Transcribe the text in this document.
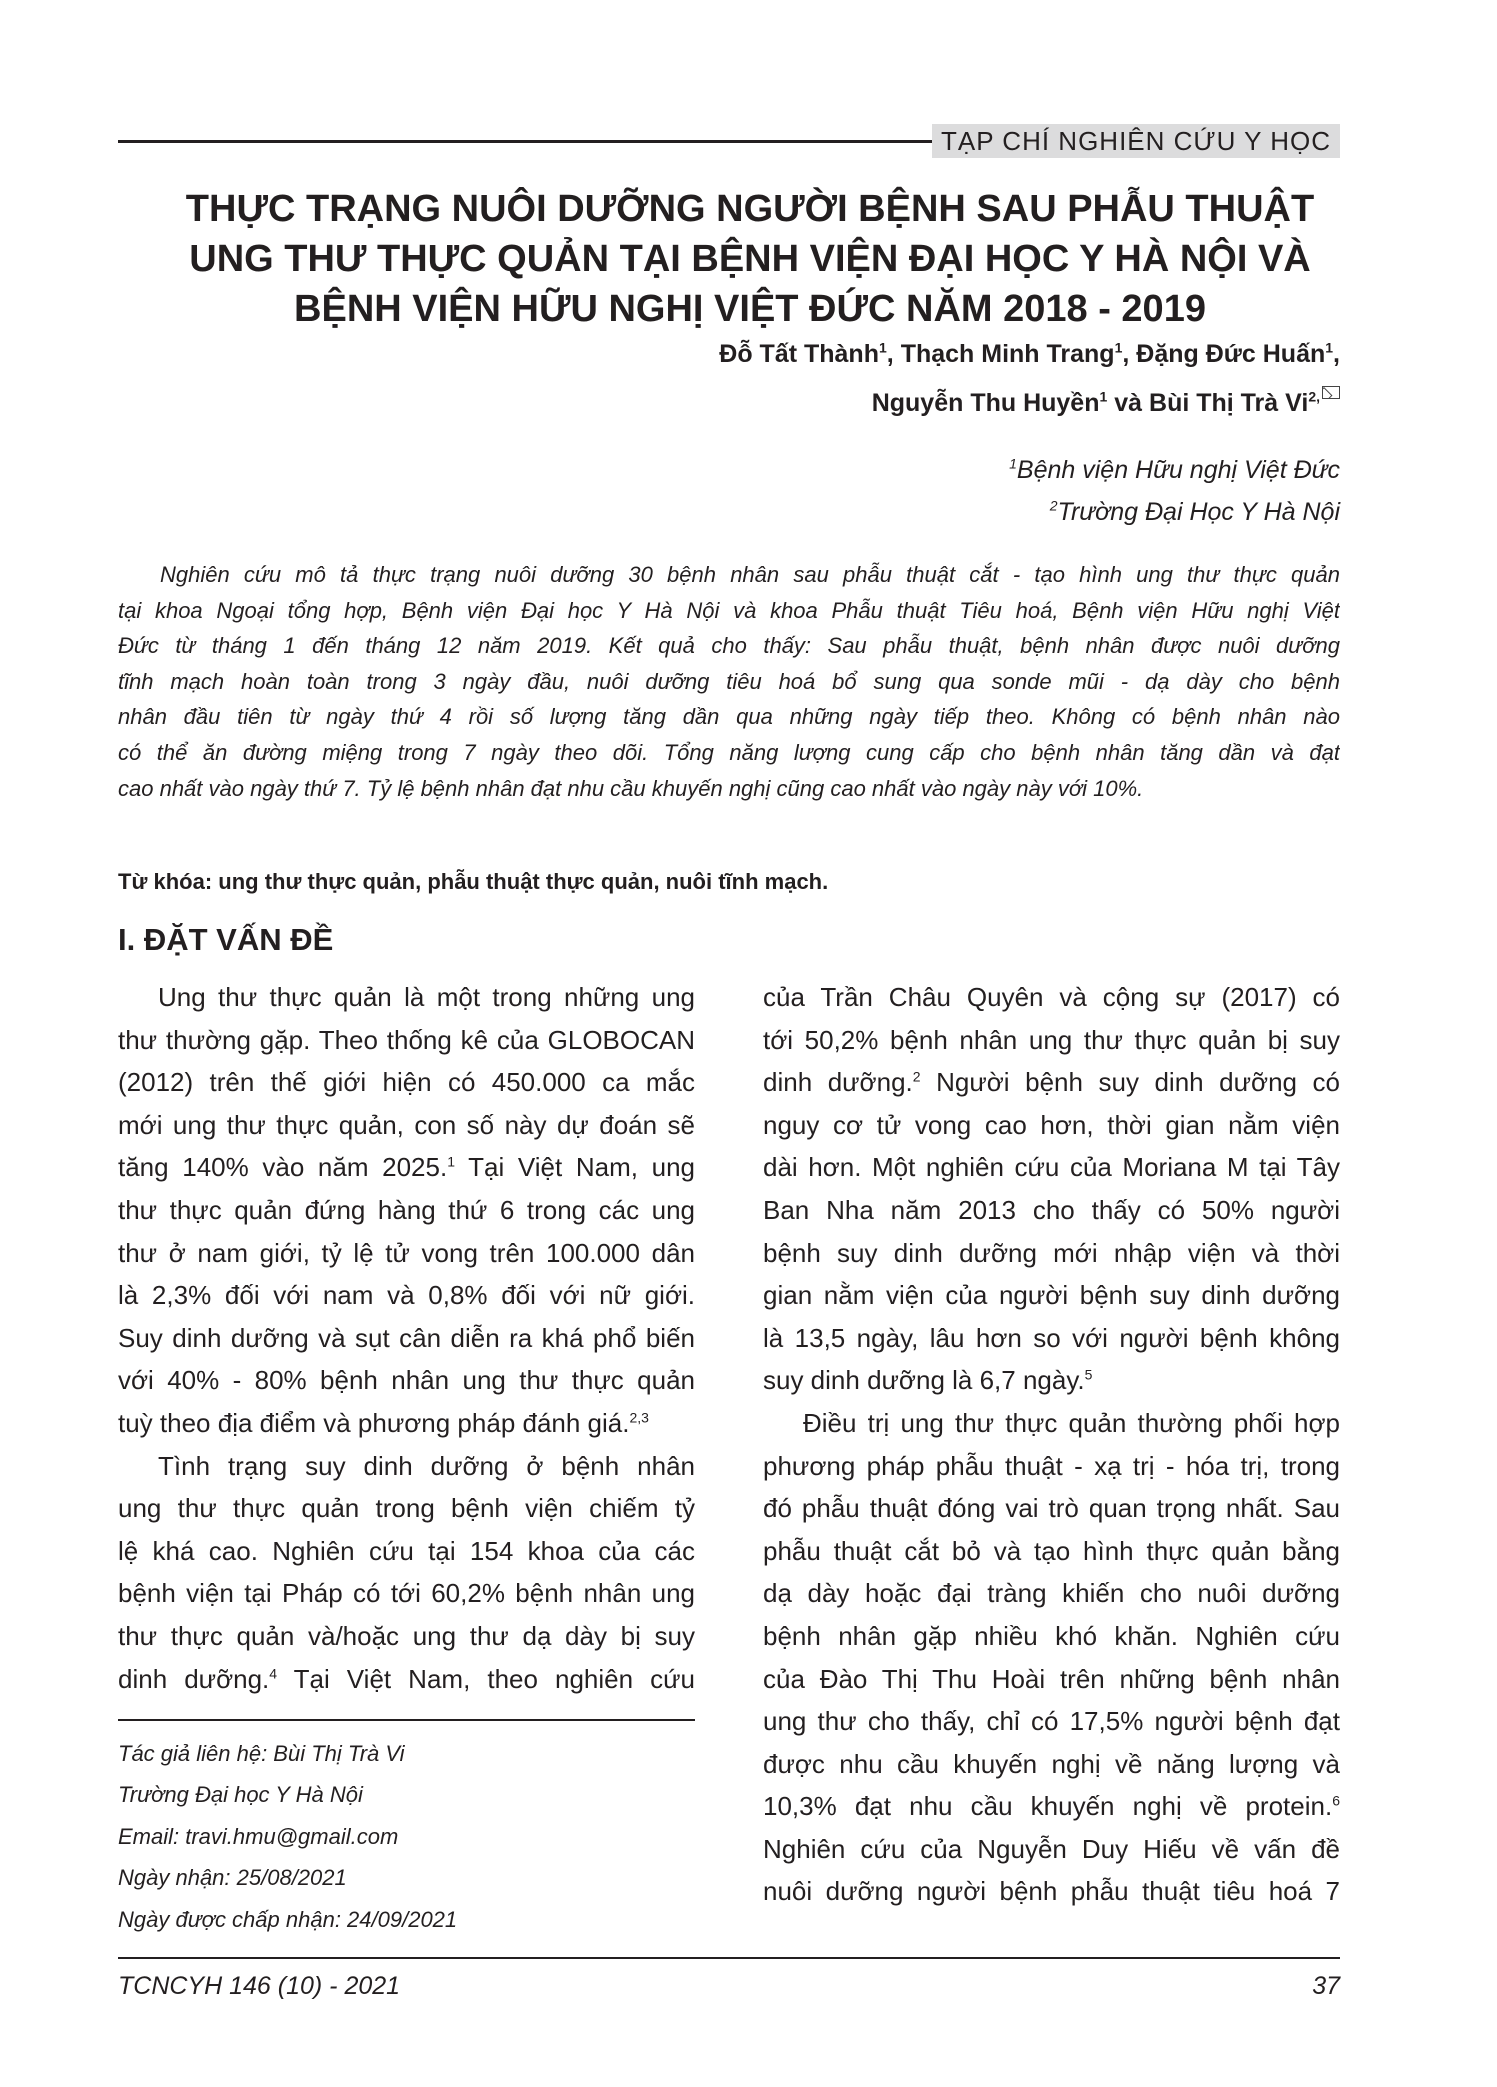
TẠP CHÍ NGHIÊN CỨU Y HỌC
THỰC TRẠNG NUÔI DƯỠNG NGƯỜI BỆNH SAU PHẪU THUẬT
UNG THƯ THỰC QUẢN TẠI BỆNH VIỆN ĐẠI HỌC Y HÀ NỘI VÀ
BỆNH VIỆN HỮU NGHỊ VIỆT ĐỨC NĂM 2018 - 2019
Đỗ Tất Thành$^1$, Thạch Minh Trang$^1$, Đặng Đức Huấn$^1$,
Nguyễn Thu Huyền$^1$ và Bùi Thị Trà $Vi^{2,}$
$^1$Bệnh viện Hữu nghị Việt Đức
$^2$Trường Đại Học Y Hà Nội
Nghiên cứu mô tả thực trạng nuôi dưỡng 30 bệnh nhân sau phẫu thuật cắt - tạo hình ung thư thực quản
tại khoa Ngoại tổng hợp, Bệnh viện Đại học Y Hà Nội và khoa Phẫu thuật Tiêu hoá, Bệnh viện Hữu nghị Việt
Đức từ tháng 1 đến tháng 12 năm 2019. Kết quả cho thấy: Sau phẫu thuật, bệnh nhân được nuôi dưỡng
tĩnh mạch hoàn toàn trong 3 ngày đầu, nuôi dưỡng tiêu hoá bổ sung qua sonde mũi - dạ dày cho bệnh
nhân đầu tiên từ ngày thứ 4 rồi số lượng tăng dần qua những ngày tiếp theo. Không có bệnh nhân nào
có thể ăn đường miệng trong 7 ngày theo dõi. Tổng năng lượng cung cấp cho bệnh nhân tăng dần và đạt
cao nhất vào ngày thứ 7. Tỷ lệ bệnh nhân đạt nhu cầu khuyến nghị cũng cao nhất vào ngày này với 10%.
Từ khóa: ung thư thực quản, phẫu thuật thực quản, nuôi tĩnh mạch.
I. ĐẶT VẤN ĐỀ
Ung thư thực quản là một trong những ung
thư thường gặp. Theo thống kê của GLOBOCAN
(2012) trên thế giới hiện có 450.000 ca mắc
mới ung thư thực quản, con số này dự đoán sẽ
tăng 140% vào năm 2025.$^1$ Tại Việt Nam, ung
thư thực quản đứng hàng thứ 6 trong các ung
thư ở nam giới, tỷ lệ tử vong trên 100.000 dân
là 2,3% đối với nam và 0,8% đối với nữ giới.
Suy dinh dưỡng và sụt cân diễn ra khá phổ biến
với 40% - 80% bệnh nhân ung thư thực quản
tuỳ theo địa điểm và phương pháp đánh giá.$^{2,3}$
Tình trạng suy dinh dưỡng ở bệnh nhân
ung thư thực quản trong bệnh viện chiếm tỷ
lệ khá cao. Nghiên cứu tại 154 khoa của các
bệnh viện tại Pháp có tới 60,2% bệnh nhân ung
thư thực quản và/hoặc ung thư dạ dày bị suy
dinh dưỡng.$^4$ Tại Việt Nam, theo nghiên cứu
của Trần Châu Quyên và cộng sự (2017) có
tới 50,2% bệnh nhân ung thư thực quản bị suy
dinh dưỡng.$^2$ Người bệnh suy dinh dưỡng có
nguy cơ tử vong cao hơn, thời gian nằm viện
dài hơn. Một nghiên cứu của Moriana M tại Tây
Ban Nha năm 2013 cho thấy có 50% người
bệnh suy dinh dưỡng mới nhập viện và thời
gian nằm viện của người bệnh suy dinh dưỡng
là 13,5 ngày, lâu hơn so với người bệnh không
suy dinh dưỡng là 6,7 ngày.$^5$
Điều trị ung thư thực quản thường phối hợp
phương pháp phẫu thuật - xạ trị - hóa trị, trong
đó phẫu thuật đóng vai trò quan trọng nhất. Sau
phẫu thuật cắt bỏ và tạo hình thực quản bằng
dạ dày hoặc đại tràng khiến cho nuôi dưỡng
bệnh nhân gặp nhiều khó khăn. Nghiên cứu
của Đào Thị Thu Hoài trên những bệnh nhân
ung thư cho thấy, chỉ có 17,5% người bệnh đạt
được nhu cầu khuyến nghị về năng lượng và
10,3% đạt nhu cầu khuyến nghị về protein.$^6$
Nghiên cứu của Nguyễn Duy Hiếu về vấn đề
nuôi dưỡng người bệnh phẫu thuật tiêu hoá 7
Tác giả liên hệ: Bùi Thị Trà Vi
Trường Đại học Y Hà Nội
Email: travi.hmu@gmail.com
Ngày nhận: 25/08/2021
Ngày được chấp nhận: 24/09/2021
TCNCYH 146 (10) - 2021	37
